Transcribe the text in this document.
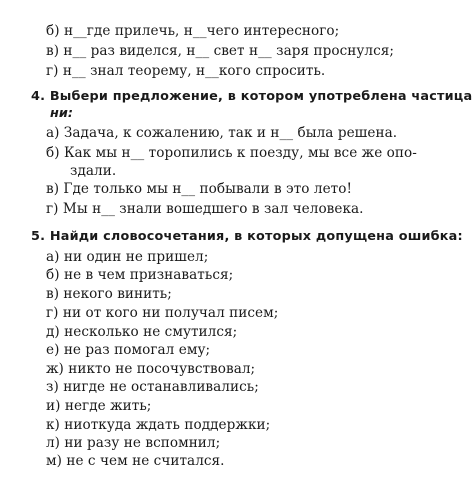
б) н__где прилечь, н__чего интересного;
в) н__ раз виделся, н__ свет н__ заря проснулся;
г) н__ знал теорему, н__кого спросить.
4. Выбери предложение, в котором употреблена частица
ни:
а) Задача, к сожалению, так и н__ была решена.
б) Как мы н__ торопились к поезду, мы все же опо-
здали.
в) Где только мы н__ побывали в это лето!
г) Мы н__ знали вошедшего в зал человека.
5. Найди словосочетания, в которых допущена ошибка:
а) ни один не пришел;
б) не в чем признаваться;
в) некого винить;
г) ни от кого ни получал писем;
д) несколько не смутился;
е) не раз помогал ему;
ж) никто не посочувствовал;
з) нигде не останавливались;
и) негде жить;
к) ниоткуда ждать поддержки;
л) ни разу не вспомнил;
м) не с чем не считался.
